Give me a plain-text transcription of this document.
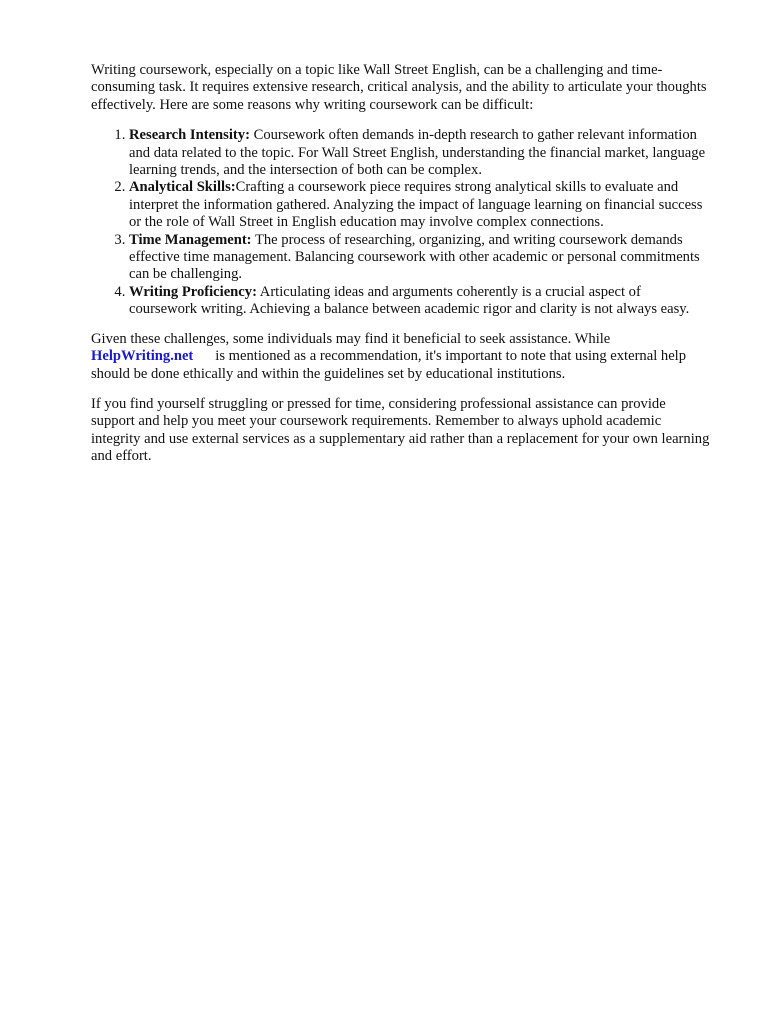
Writing coursework, especially on a topic like Wall Street English, can be a challenging and time-consuming task. It requires extensive research, critical analysis, and the ability to articulate your thoughts effectively. Here are some reasons why writing coursework can be difficult:

1. Research Intensity: Coursework often demands in-depth research to gather relevant information and data related to the topic. For Wall Street English, understanding the financial market, language learning trends, and the intersection of both can be complex.
2. Analytical Skills:Crafting a coursework piece requires strong analytical skills to evaluate and interpret the information gathered. Analyzing the impact of language learning on financial success or the role of Wall Street in English education may involve complex connections.
3. Time Management: The process of researching, organizing, and writing coursework demands effective time management. Balancing coursework with other academic or personal commitments can be challenging.
4. Writing Proficiency: Articulating ideas and arguments coherently is a crucial aspect of coursework writing. Achieving a balance between academic rigor and clarity is not always easy.

Given these challenges, some individuals may find it beneficial to seek assistance. While HelpWriting.net is mentioned as a recommendation, it's important to note that using external help should be done ethically and within the guidelines set by educational institutions.

If you find yourself struggling or pressed for time, considering professional assistance can provide support and help you meet your coursework requirements. Remember to always uphold academic integrity and use external services as a supplementary aid rather than a replacement for your own learning and effort.
